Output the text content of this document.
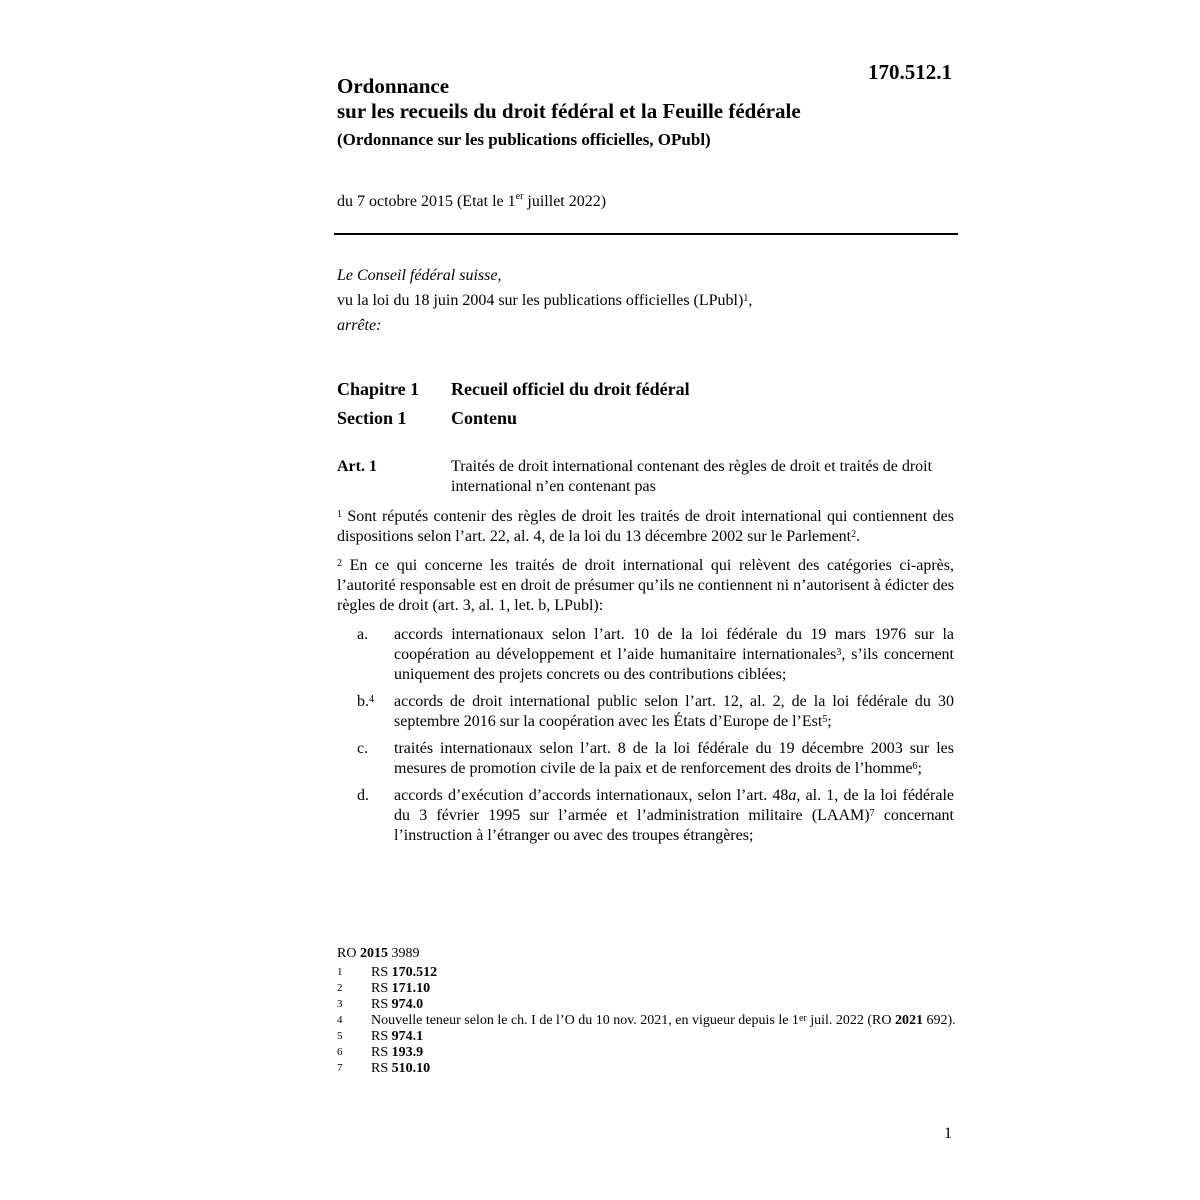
170.512.1
Ordonnance
sur les recueils du droit fédéral et la Feuille fédérale
(Ordonnance sur les publications officielles, OPubl)
du 7 octobre 2015 (Etat le 1er juillet 2022)
Le Conseil fédéral suisse,
vu la loi du 18 juin 2004 sur les publications officielles (LPubl)$^1$,
arrête:
Chapitre 1	Recueil officiel du droit fédéral
Section 1	Contenu
Art. 1	Traités de droit international contenant des règles de droit et traités de droit international n’en contenant pas

$^1$ Sont réputés contenir des règles de droit les traités de droit international qui contiennent des dispositions selon l’art. 22, al. 4, de la loi du 13 décembre 2002 sur le Parlement$^2$.

$^2$ En ce qui concerne les traités de droit international qui relèvent des catégories ci-après, l’autorité responsable est en droit de présumer qu’ils ne contiennent ni n’autorisent à édicter des règles de droit (art. 3, al. 1, let. b, LPubl):

a.	accords internationaux selon l’art. 10 de la loi fédérale du 19 mars 1976 sur la coopération au développement et l’aide humanitaire internationales$^3$, s’ils concernent uniquement des projets concrets ou des contributions ciblées;
b.$^4$	accords de droit international public selon l’art. 12, al. 2, de la loi fédérale du 30 septembre 2016 sur la coopération avec les États d’Europe de l’Est$^5$;
c.	traités internationaux selon l’art. 8 de la loi fédérale du 19 décembre 2003 sur les mesures de promotion civile de la paix et de renforcement des droits de l’homme$^6$;
d.	accords d’exécution d’accords internationaux, selon l’art. 48a, al. 1, de la loi fédérale du 3 février 1995 sur l’armée et l’administration militaire (LAAM)$^7$ concernant l’instruction à l’étranger ou avec des troupes étrangères;
RO 2015 3989
1	RS 170.512
2	RS 171.10
3	RS 974.0
4	Nouvelle teneur selon le ch. I de l’O du 10 nov. 2021, en vigueur depuis le 1er juil. 2022 (RO 2021 692).
5	RS 974.1
6	RS 193.9
7	RS 510.10
1
